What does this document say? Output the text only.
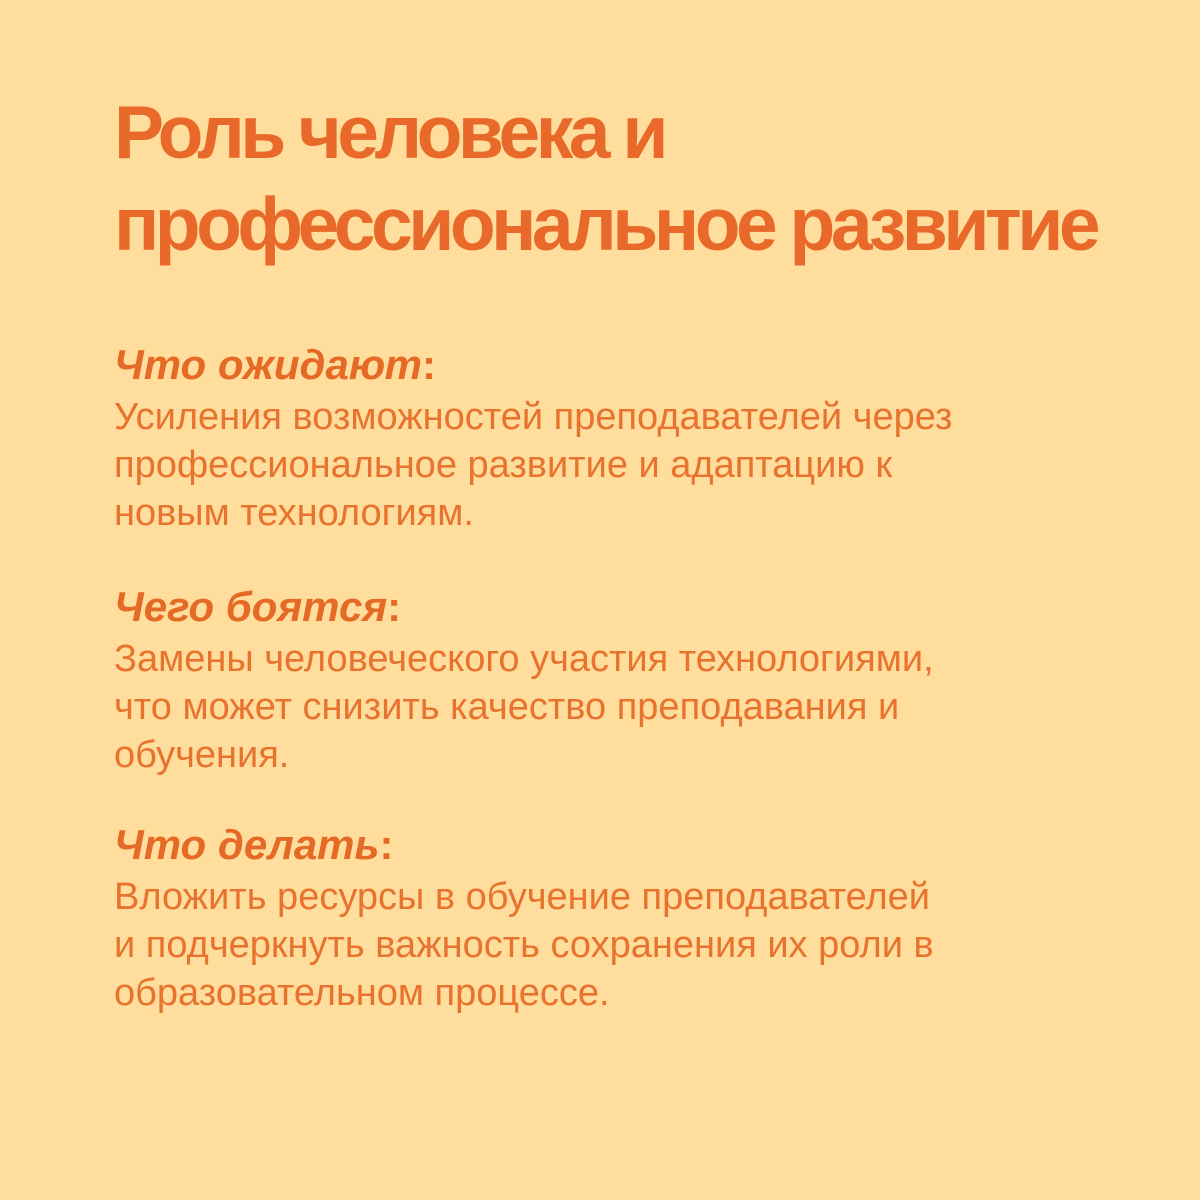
Роль человека и
профессиональное развитие

Что ожидают:

Усиления возможностей преподавателей через
профессиональное развитие и адаптацию к
новым технологиям.

Чего боятся:

Замены человеческого участия технологиями,
что может снизить качество преподавания и
обучения.

Что делать:

Вложить ресурсы в обучение преподавателей
и подчеркнуть важность сохранения их роли в
образовательном процессе.
